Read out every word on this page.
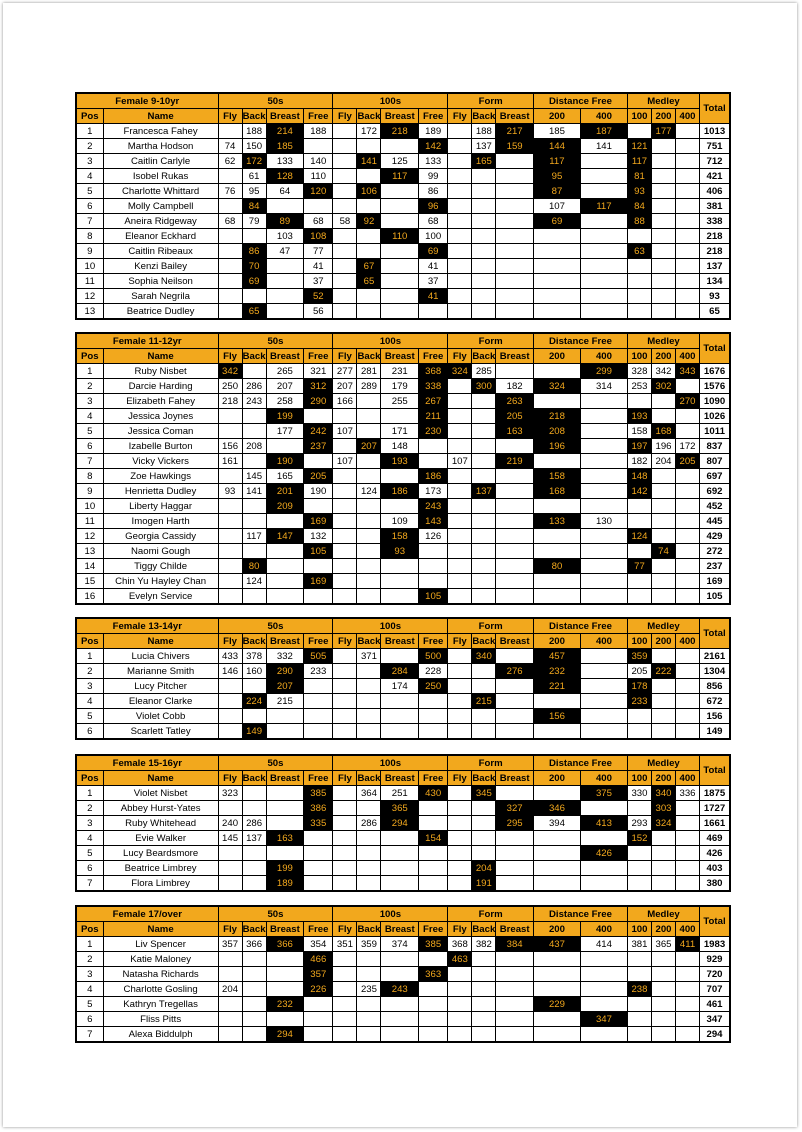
Female 9-10yr		50s				100s				Form			Distance Free		Medley			Total
Pos	Name	Fly	Back	Breast	Free	Fly	Back	Breast	Free	Fly	Back	Breast	200	400	100	200	400	
1	Francesca Fahey		188	214	188		172	218	189		188	217	185	187		177		1013
2	Martha Hodson	74	150	185					142		137	159	144	141	121			751
3	Caitlin Carlyle	62	172	133	140		141	125	133		165		117		117			712
4	Isobel Rukas		61	128	110			117	99				95		81			421
5	Charlotte Whittard	76	95	64	120		106		86				87		93			406
6	Molly Campbell		84						96				107	117	84			381
7	Aneira Ridgeway	68	79	89	68	58	92		68				69		88			338
8	Eleanor Eckhard			103	108			110	100									218
9	Caitlin Ribeaux		86	47	77				69						63			218
10	Kenzi Bailey		70		41		67		41									137
11	Sophia Neilson		69		37		65		37									134
12	Sarah Negrila				52				41									93
13	Beatrice Dudley		65		56													65
Female 11-12yr		50s				100s				Form			Distance Free		Medley			Total
Pos	Name	Fly	Back	Breast	Free	Fly	Back	Breast	Free	Fly	Back	Breast	200	400	100	200	400	
1	Ruby Nisbet	342		265	321	277	281	231	368	324	285			299	328	342	343	1676
2	Darcie Harding	250	286	207	312	207	289	179	338		300	182	324	314	253	302		1576
3	Elizabeth Fahey	218	243	258	290	166		255	267			263					270	1090
4	Jessica Joynes			199					211			205	218		193			1026
5	Jessica Coman			177	242	107		171	230			163	208		158	168		1011
6	Izabelle Burton	156	208		237		207	148					196		197	196	172	837
7	Vicky Vickers	161		190		107		193		107		219			182	204	205	807
8	Zoe Hawkings		145	165	205				186				158		148			697
9	Henrietta Dudley	93	141	201	190		124	186	173		137		168		142			692
10	Liberty Haggar			209					243									452
11	Imogen Harth				169			109	143				133	130				445
12	Georgia Cassidy		117	147	132			158	126						124			429
13	Naomi Gough				105			93								74		272
14	Tiggy Childe		80										80		77			237
15	Chin Yu Hayley Chan		124		169													169
16	Evelyn Service								105									105
Female 13-14yr		50s				100s				Form			Distance Free		Medley			Total
Pos	Name	Fly	Back	Breast	Free	Fly	Back	Breast	Free	Fly	Back	Breast	200	400	100	200	400	
1	Lucia Chivers	433	378	332	505		371		500		340		457		359			2161
2	Marianne Smith	146	160	290	233			284	228			276	232		205	222		1304
3	Lucy Pitcher			207				174	250				221		178			856
4	Eleanor Clarke		224	215							215				233			672
5	Violet Cobb												156					156
6	Scarlett Tatley		149															149
Female 15-16yr		50s				100s				Form			Distance Free		Medley			Total
Pos	Name	Fly	Back	Breast	Free	Fly	Back	Breast	Free	Fly	Back	Breast	200	400	100	200	400	
1	Violet Nisbet	323			385		364	251	430		345			375	330	340	336	1875
2	Abbey Hurst-Yates				386			365				327	346			303		1727
3	Ruby Whitehead	240	286		335		286	294				295	394	413	293	324		1661
4	Evie Walker	145	137	163					154						152			469
5	Lucy Beardsmore													426				426
6	Beatrice Limbrey			199							204							403
7	Flora Limbrey			189							191							380
Female 17/over		50s				100s				Form			Distance Free		Medley			Total
Pos	Name	Fly	Back	Breast	Free	Fly	Back	Breast	Free	Fly	Back	Breast	200	400	100	200	400	
1	Liv Spencer	357	366	366	354	351	359	374	385	368	382	384	437	414	381	365	411	1983
2	Katie Maloney				466					463								929
3	Natasha Richards				357				363									720
4	Charlotte Gosling	204			226		235	243							238			707
5	Kathryn Tregellas			232									229					461
6	Fliss Pitts													347				347
7	Alexa Biddulph			294														294
